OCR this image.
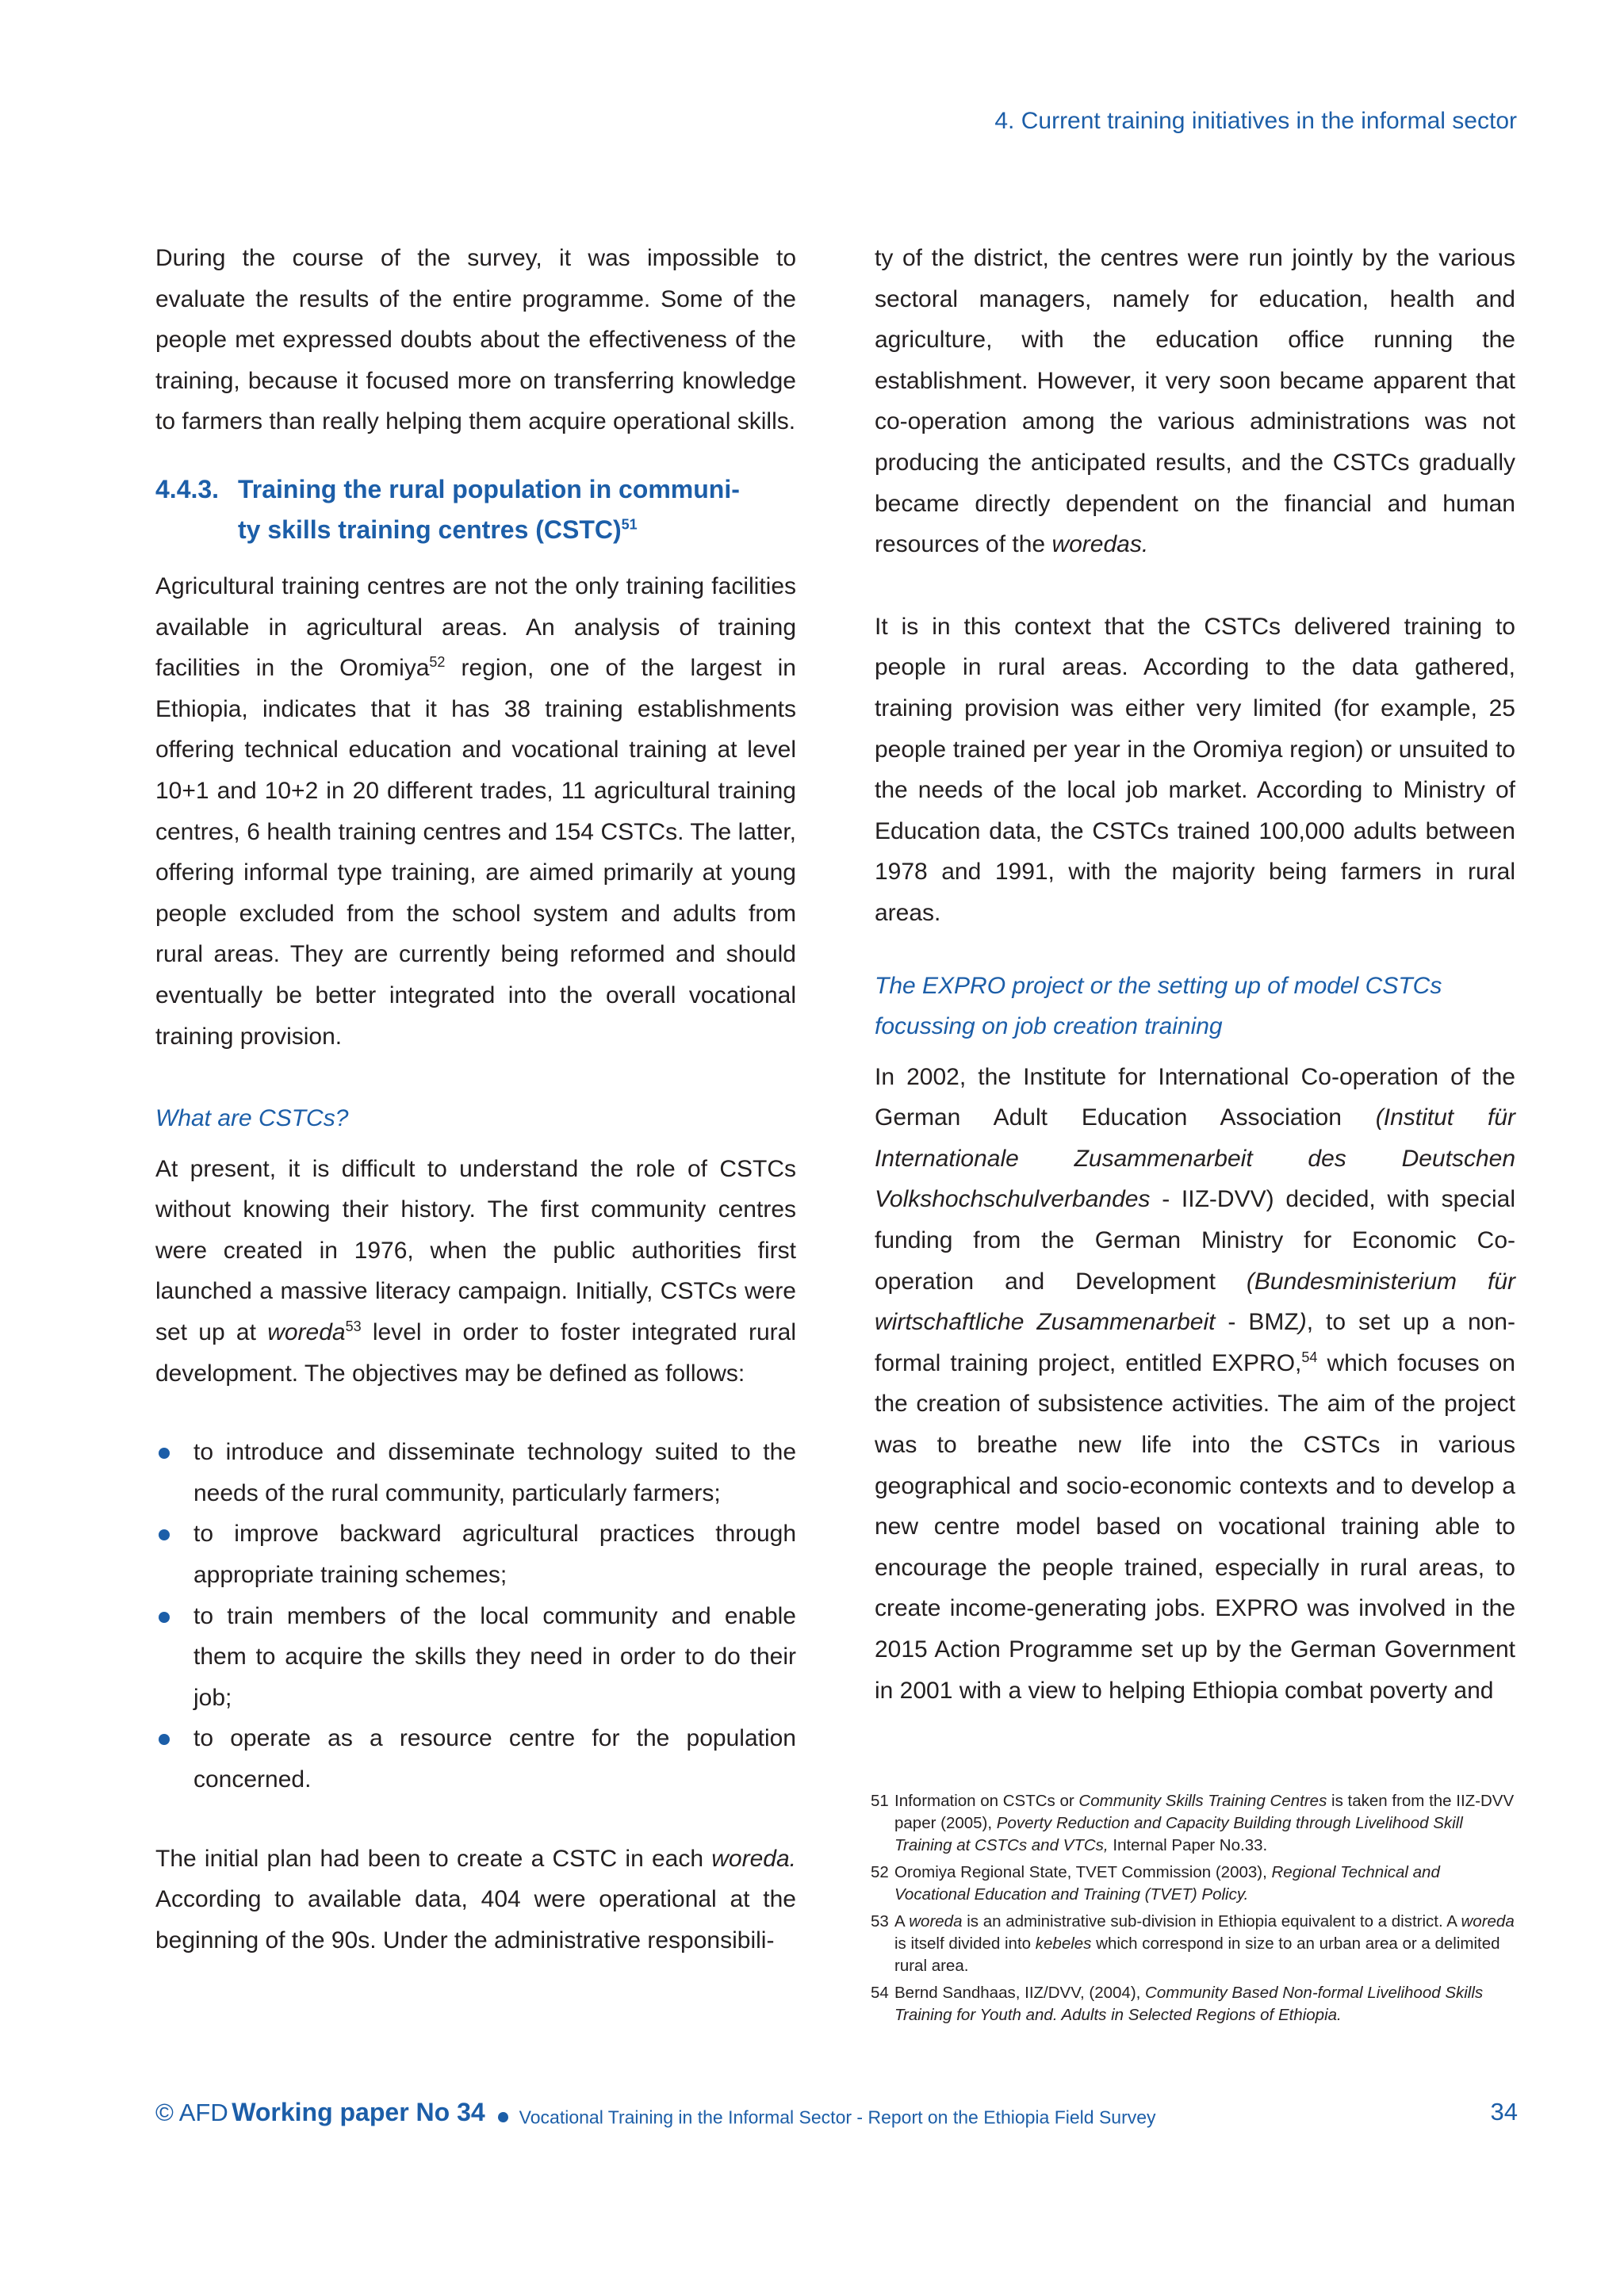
4. Current training initiatives in the informal sector

During the course of the survey, it was impossible to evaluate the results of the entire programme. Some of the people met expressed doubts about the effectiveness of the training, because it focused more on transferring knowledge to farmers than really helping them acquire operational skills.

4.4.3. Training the rural population in communi-
ty skills training centres (CSTC)$^{51}$

Agricultural training centres are not the only training facilities available in agricultural areas. An analysis of training facilities in the Oromiya$^{52}$ region, one of the largest in Ethiopia, indicates that it has 38 training establishments offering technical education and vocational training at level 10+1 and 10+2 in 20 different trades, 11 agricultural training centres, 6 health training centres and 154 CSTCs. The latter, offering informal type training, are aimed primarily at young people excluded from the school system and adults from rural areas. They are currently being reformed and should eventually be better integrated into the overall vocational training provision.

What are CSTCs?

At present, it is difficult to understand the role of CSTCs without knowing their history. The first community centres were created in 1976, when the public authorities first launched a massive literacy campaign. Initially, CSTCs were set up at woreda$^{53}$ level in order to foster integrated rural development. The objectives may be defined as follows:

to introduce and disseminate technology suited to the needs of the rural community, particularly farmers;
to improve backward agricultural practices through appropriate training schemes;
to train members of the local community and enable them to acquire the skills they need in order to do their job;
to operate as a resource centre for the population concerned.

The initial plan had been to create a CSTC in each woreda. According to available data, 404 were operational at the beginning of the 90s. Under the administrative responsibili-

ty of the district, the centres were run jointly by the various sectoral managers, namely for education, health and agriculture, with the education office running the establishment. However, it very soon became apparent that co-operation among the various administrations was not producing the anticipated results, and the CSTCs gradually became directly dependent on the financial and human resources of the woredas.

It is in this context that the CSTCs delivered training to people in rural areas. According to the data gathered, training provision was either very limited (for example, 25 people trained per year in the Oromiya region) or unsuited to the needs of the local job market. According to Ministry of Education data, the CSTCs trained 100,000 adults between 1978 and 1991, with the majority being farmers in rural areas.

The EXPRO project or the setting up of model CSTCs
focussing on job creation training

In 2002, the Institute for International Co-operation of the German Adult Education Association (Institut für Internationale Zusammenarbeit des Deutschen Volkshochschulverbandes - IIZ-DVV) decided, with special funding from the German Ministry for Economic Co-operation and Development (Bundesministerium für wirtschaftliche Zusammenarbeit - BMZ), to set up a non-formal training project, entitled EXPRO,$^{54}$ which focuses on the creation of subsistence activities. The aim of the project was to breathe new life into the CSTCs in various geographical and socio-economic contexts and to develop a new centre model based on vocational training able to encourage the people trained, especially in rural areas, to create income-generating jobs. EXPRO was involved in the 2015 Action Programme set up by the German Government in 2001 with a view to helping Ethiopia combat poverty and

51 Information on CSTCs or Community Skills Training Centres is taken from the IIZ-DVV paper (2005), Poverty Reduction and Capacity Building through Livelihood Skill Training at CSTCs and VTCs, Internal Paper No.33.
52 Oromiya Regional State, TVET Commission (2003), Regional Technical and Vocational Education and Training (TVET) Policy.
53 A woreda is an administrative sub-division in Ethiopia equivalent to a district. A woreda is itself divided into kebeles which correspond in size to an urban area or a delimited rural area.
54 Bernd Sandhaas, IIZ/DVV, (2004), Community Based Non-formal Livelihood Skills Training for Youth and. Adults in Selected Regions of Ethiopia.
© AFD Working paper No 34 Vocational Training in the Informal Sector - Report on the Ethiopia Field Survey	34
